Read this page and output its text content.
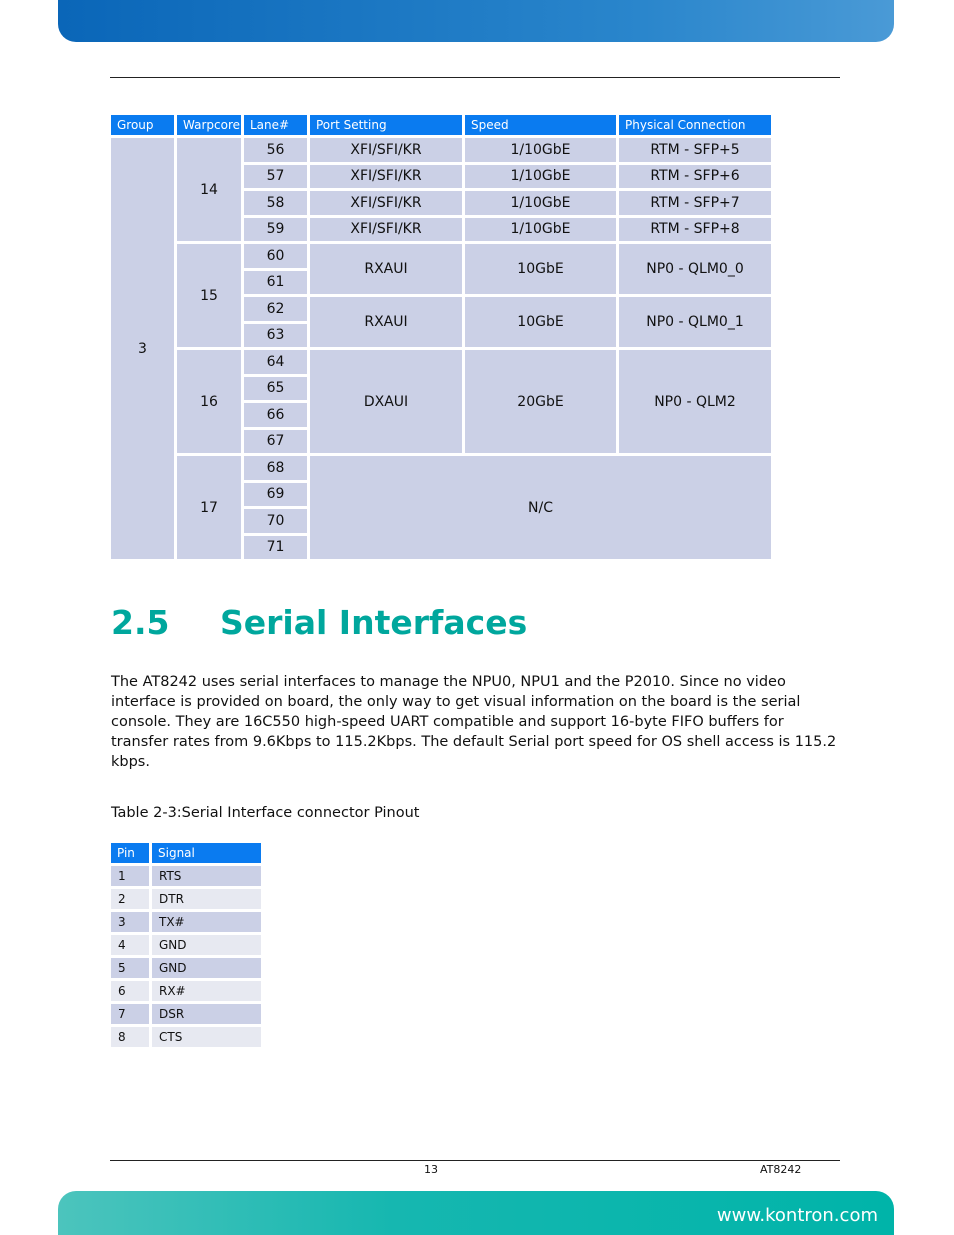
Group	Warpcore	Lane#	Port Setting	Speed	Physical Connection
3	14	56	XFI/SFI/KR	1/10GbE	RTM - SFP+5
		57	XFI/SFI/KR	1/10GbE	RTM - SFP+6
		58	XFI/SFI/KR	1/10GbE	RTM - SFP+7
		59	XFI/SFI/KR	1/10GbE	RTM - SFP+8
	15	60	RXAUI	10GbE	NP0 - QLM0_0
		61			
		62	RXAUI	10GbE	NP0 - QLM0_1
		63			
	16	64	DXAUI	20GbE	NP0 - QLM2
		65			
		66			
		67			
	17	68	N/C		
		69			
		70			
		71			
2.5 Serial Interfaces
The AT8242 uses serial interfaces to manage the NPU0, NPU1 and the P2010. Since no video interface is provided on board, the only way to get visual information on the board is the serial console. They are 16C550 high-speed UART compatible and support 16-byte FIFO buffers for transfer rates from 9.6Kbps to 115.2Kbps. The default Serial port speed for OS shell access is 115.2 kbps.
Table 2-3:Serial Interface connector Pinout
Pin	Signal
1	RTS
2	DTR
3	TX#
4	GND
5	GND
6	RX#
7	DSR
8	CTS
13	AT8242
www.kontron.com
